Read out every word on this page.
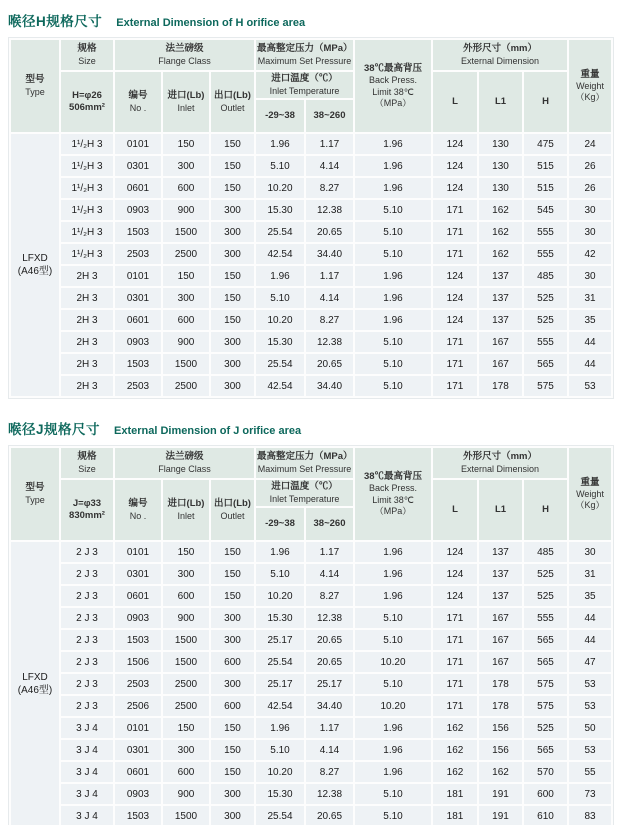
喉径H规格尺寸 External Dimension of H orifice area
型号
Type	规格
Size	法兰磅级
Flange Class			最高整定压力（MPa）
Maximum Set Pressure		38℃最高背压
Back Press.
Limit 38℃
（MPa）	外形尺寸（mm）
External Dimension			重量
Weight
（Kg）

	H=φ26
506mm²	编号
No .	进口(Lb)
Inlet	出口(Lb)
Outlet	进口温度（℃）
Inlet Temperature			L	L1	H	

					-29~38	38~260					

LFXD
(A46型)	1¹/₂H 3	0101	150	150	1.96	1.17	1.96	124	130	475	24
	1¹/₂H 3	0301	300	150	5.10	4.14	1.96	124	130	515	26
	1¹/₂H 3	0601	600	150	10.20	8.27	1.96	124	130	515	26
	1¹/₂H 3	0903	900	300	15.30	12.38	5.10	171	162	545	30
	1¹/₂H 3	1503	1500	300	25.54	20.65	5.10	171	162	555	30
	1¹/₂H 3	2503	2500	300	42.54	34.40	5.10	171	162	555	42
	2H 3	0101	150	150	1.96	1.17	1.96	124	137	485	30
	2H 3	0301	300	150	5.10	4.14	1.96	124	137	525	31
	2H 3	0601	600	150	10.20	8.27	1.96	124	137	525	35
	2H 3	0903	900	300	15.30	12.38	5.10	171	167	555	44
	2H 3	1503	1500	300	25.54	20.65	5.10	171	167	565	44
	2H 3	2503	2500	300	42.54	34.40	5.10	171	178	575	53
喉径J规格尺寸 External Dimension of J orifice area
型号
Type	规格
Size	法兰磅级
Flange Class			最高整定压力（MPa）
Maximum Set Pressure		38℃最高背压
Back Press.
Limit 38℃
（MPa）	外形尺寸（mm）
External Dimension			重量
Weight
（Kg）

	J=φ33
830mm²	编号
No .	进口(Lb)
Inlet	出口(Lb)
Outlet	进口温度（℃）
Inlet Temperature			L	L1	H	

					-29~38	38~260					

LFXD
(A46型)	2 J 3	0101	150	150	1.96	1.17	1.96	124	137	485	30
	2 J 3	0301	300	150	5.10	4.14	1.96	124	137	525	31
	2 J 3	0601	600	150	10.20	8.27	1.96	124	137	525	35
	2 J 3	0903	900	300	15.30	12.38	5.10	171	167	555	44
	2 J 3	1503	1500	300	25.17	20.65	5.10	171	167	565	44
	2 J 3	1506	1500	600	25.54	20.65	10.20	171	167	565	47
	2 J 3	2503	2500	300	25.17	25.17	5.10	171	178	575	53
	2 J 3	2506	2500	600	42.54	34.40	10.20	171	178	575	53
	3 J 4	0101	150	150	1.96	1.17	1.96	162	156	525	50
	3 J 4	0301	300	150	5.10	4.14	1.96	162	156	565	53
	3 J 4	0601	600	150	10.20	8.27	1.96	162	162	570	55
	3 J 4	0903	900	300	15.30	12.38	5.10	181	191	600	73
	3 J 4	1503	1500	300	25.54	20.65	5.10	181	191	610	83
